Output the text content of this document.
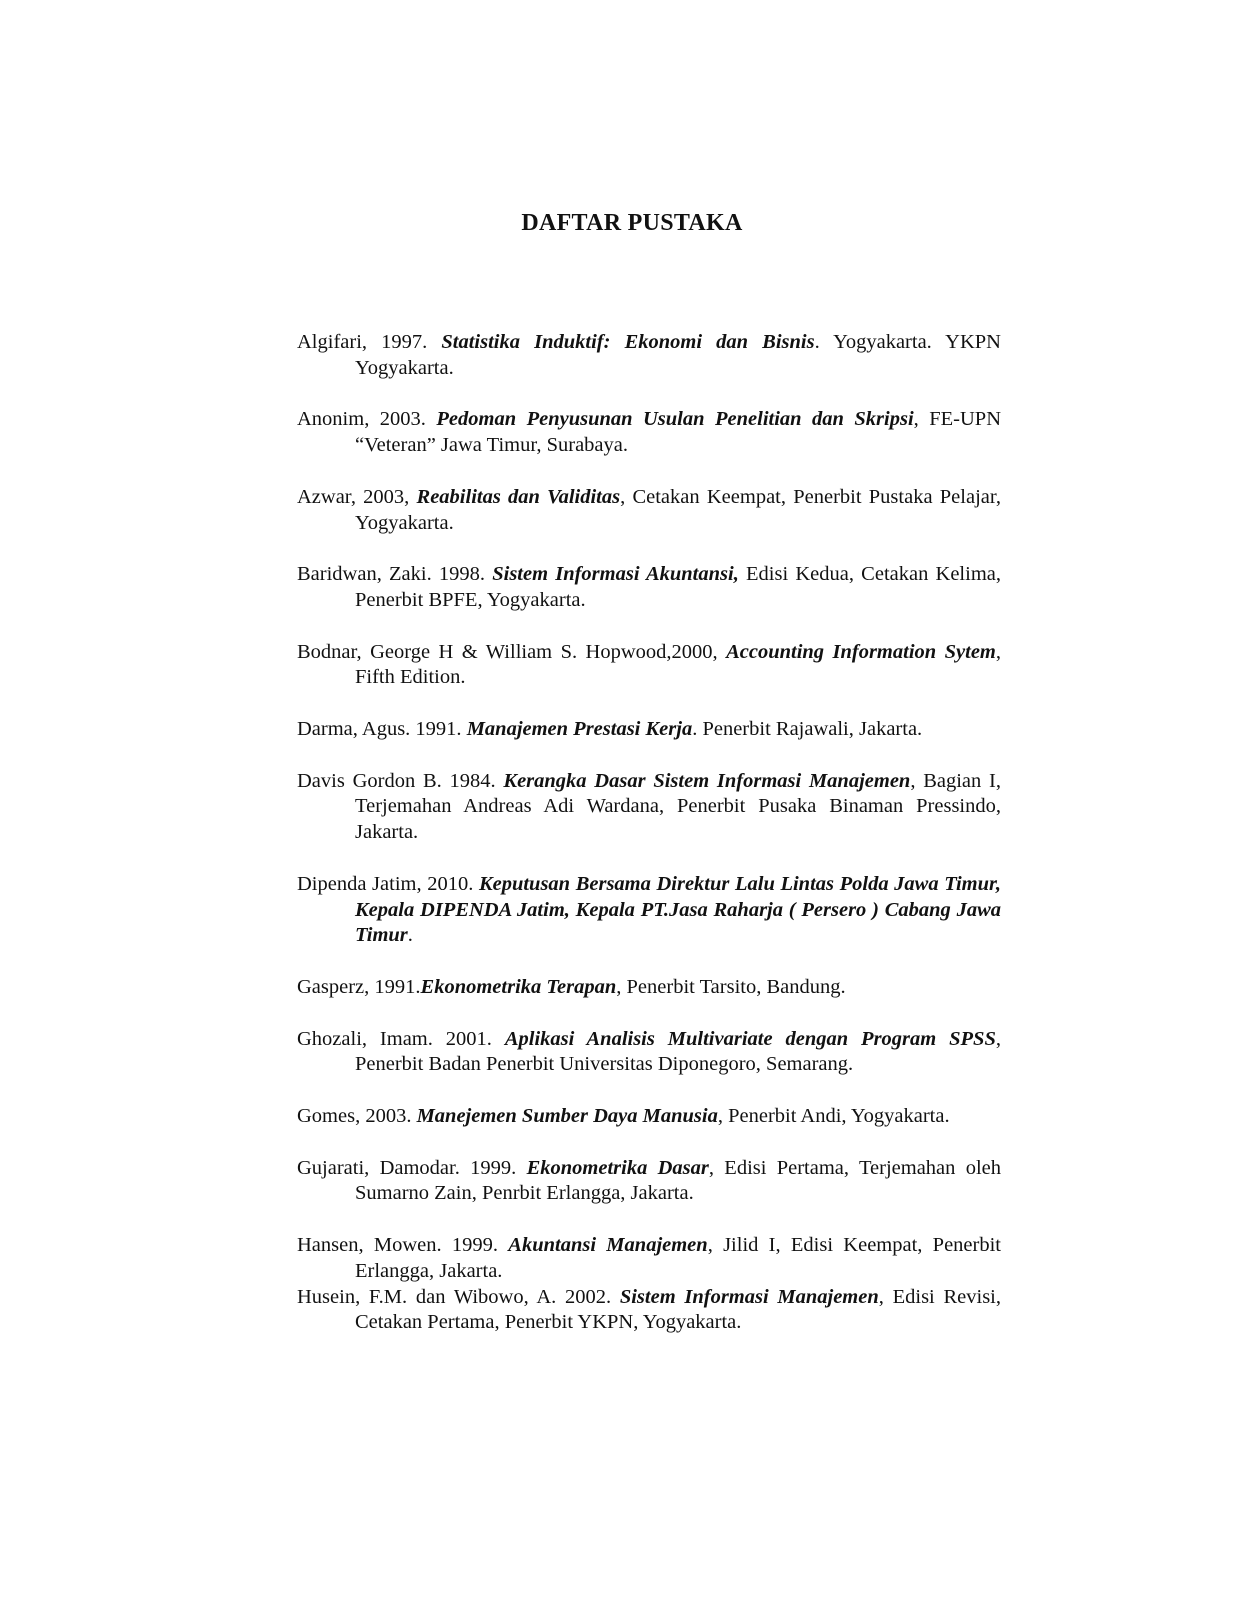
DAFTAR PUSTAKA
Algifari, 1997. Statistika Induktif: Ekonomi dan Bisnis. Yogyakarta. YKPN Yogyakarta.
Anonim, 2003. Pedoman Penyusunan Usulan Penelitian dan Skripsi, FE-UPN “Veteran” Jawa Timur, Surabaya.
Azwar, 2003, Reabilitas dan Validitas, Cetakan Keempat, Penerbit Pustaka Pelajar, Yogyakarta.
Baridwan, Zaki. 1998. Sistem Informasi Akuntansi, Edisi Kedua, Cetakan Kelima, Penerbit BPFE, Yogyakarta.
Bodnar, George H & William S. Hopwood,2000, Accounting Information Sytem, Fifth Edition.
Darma, Agus. 1991. Manajemen Prestasi Kerja. Penerbit Rajawali, Jakarta.
Davis Gordon B. 1984. Kerangka Dasar Sistem Informasi Manajemen, Bagian I, Terjemahan Andreas Adi Wardana, Penerbit Pusaka Binaman Pressindo, Jakarta.
Dipenda Jatim, 2010. Keputusan Bersama Direktur Lalu Lintas Polda Jawa Timur, Kepala DIPENDA Jatim, Kepala PT.Jasa Raharja ( Persero ) Cabang Jawa Timur.
Gasperz, 1991.Ekonometrika Terapan, Penerbit Tarsito, Bandung.
Ghozali, Imam. 2001. Aplikasi Analisis Multivariate dengan Program SPSS, Penerbit Badan Penerbit Universitas Diponegoro, Semarang.
Gomes, 2003. Manejemen Sumber Daya Manusia, Penerbit Andi, Yogyakarta.
Gujarati, Damodar. 1999. Ekonometrika Dasar, Edisi Pertama, Terjemahan oleh Sumarno Zain, Penrbit Erlangga, Jakarta.
Hansen, Mowen. 1999. Akuntansi Manajemen, Jilid I, Edisi Keempat, Penerbit Erlangga, Jakarta.
Husein, F.M. dan Wibowo, A. 2002. Sistem Informasi Manajemen, Edisi Revisi, Cetakan Pertama, Penerbit YKPN, Yogyakarta.
